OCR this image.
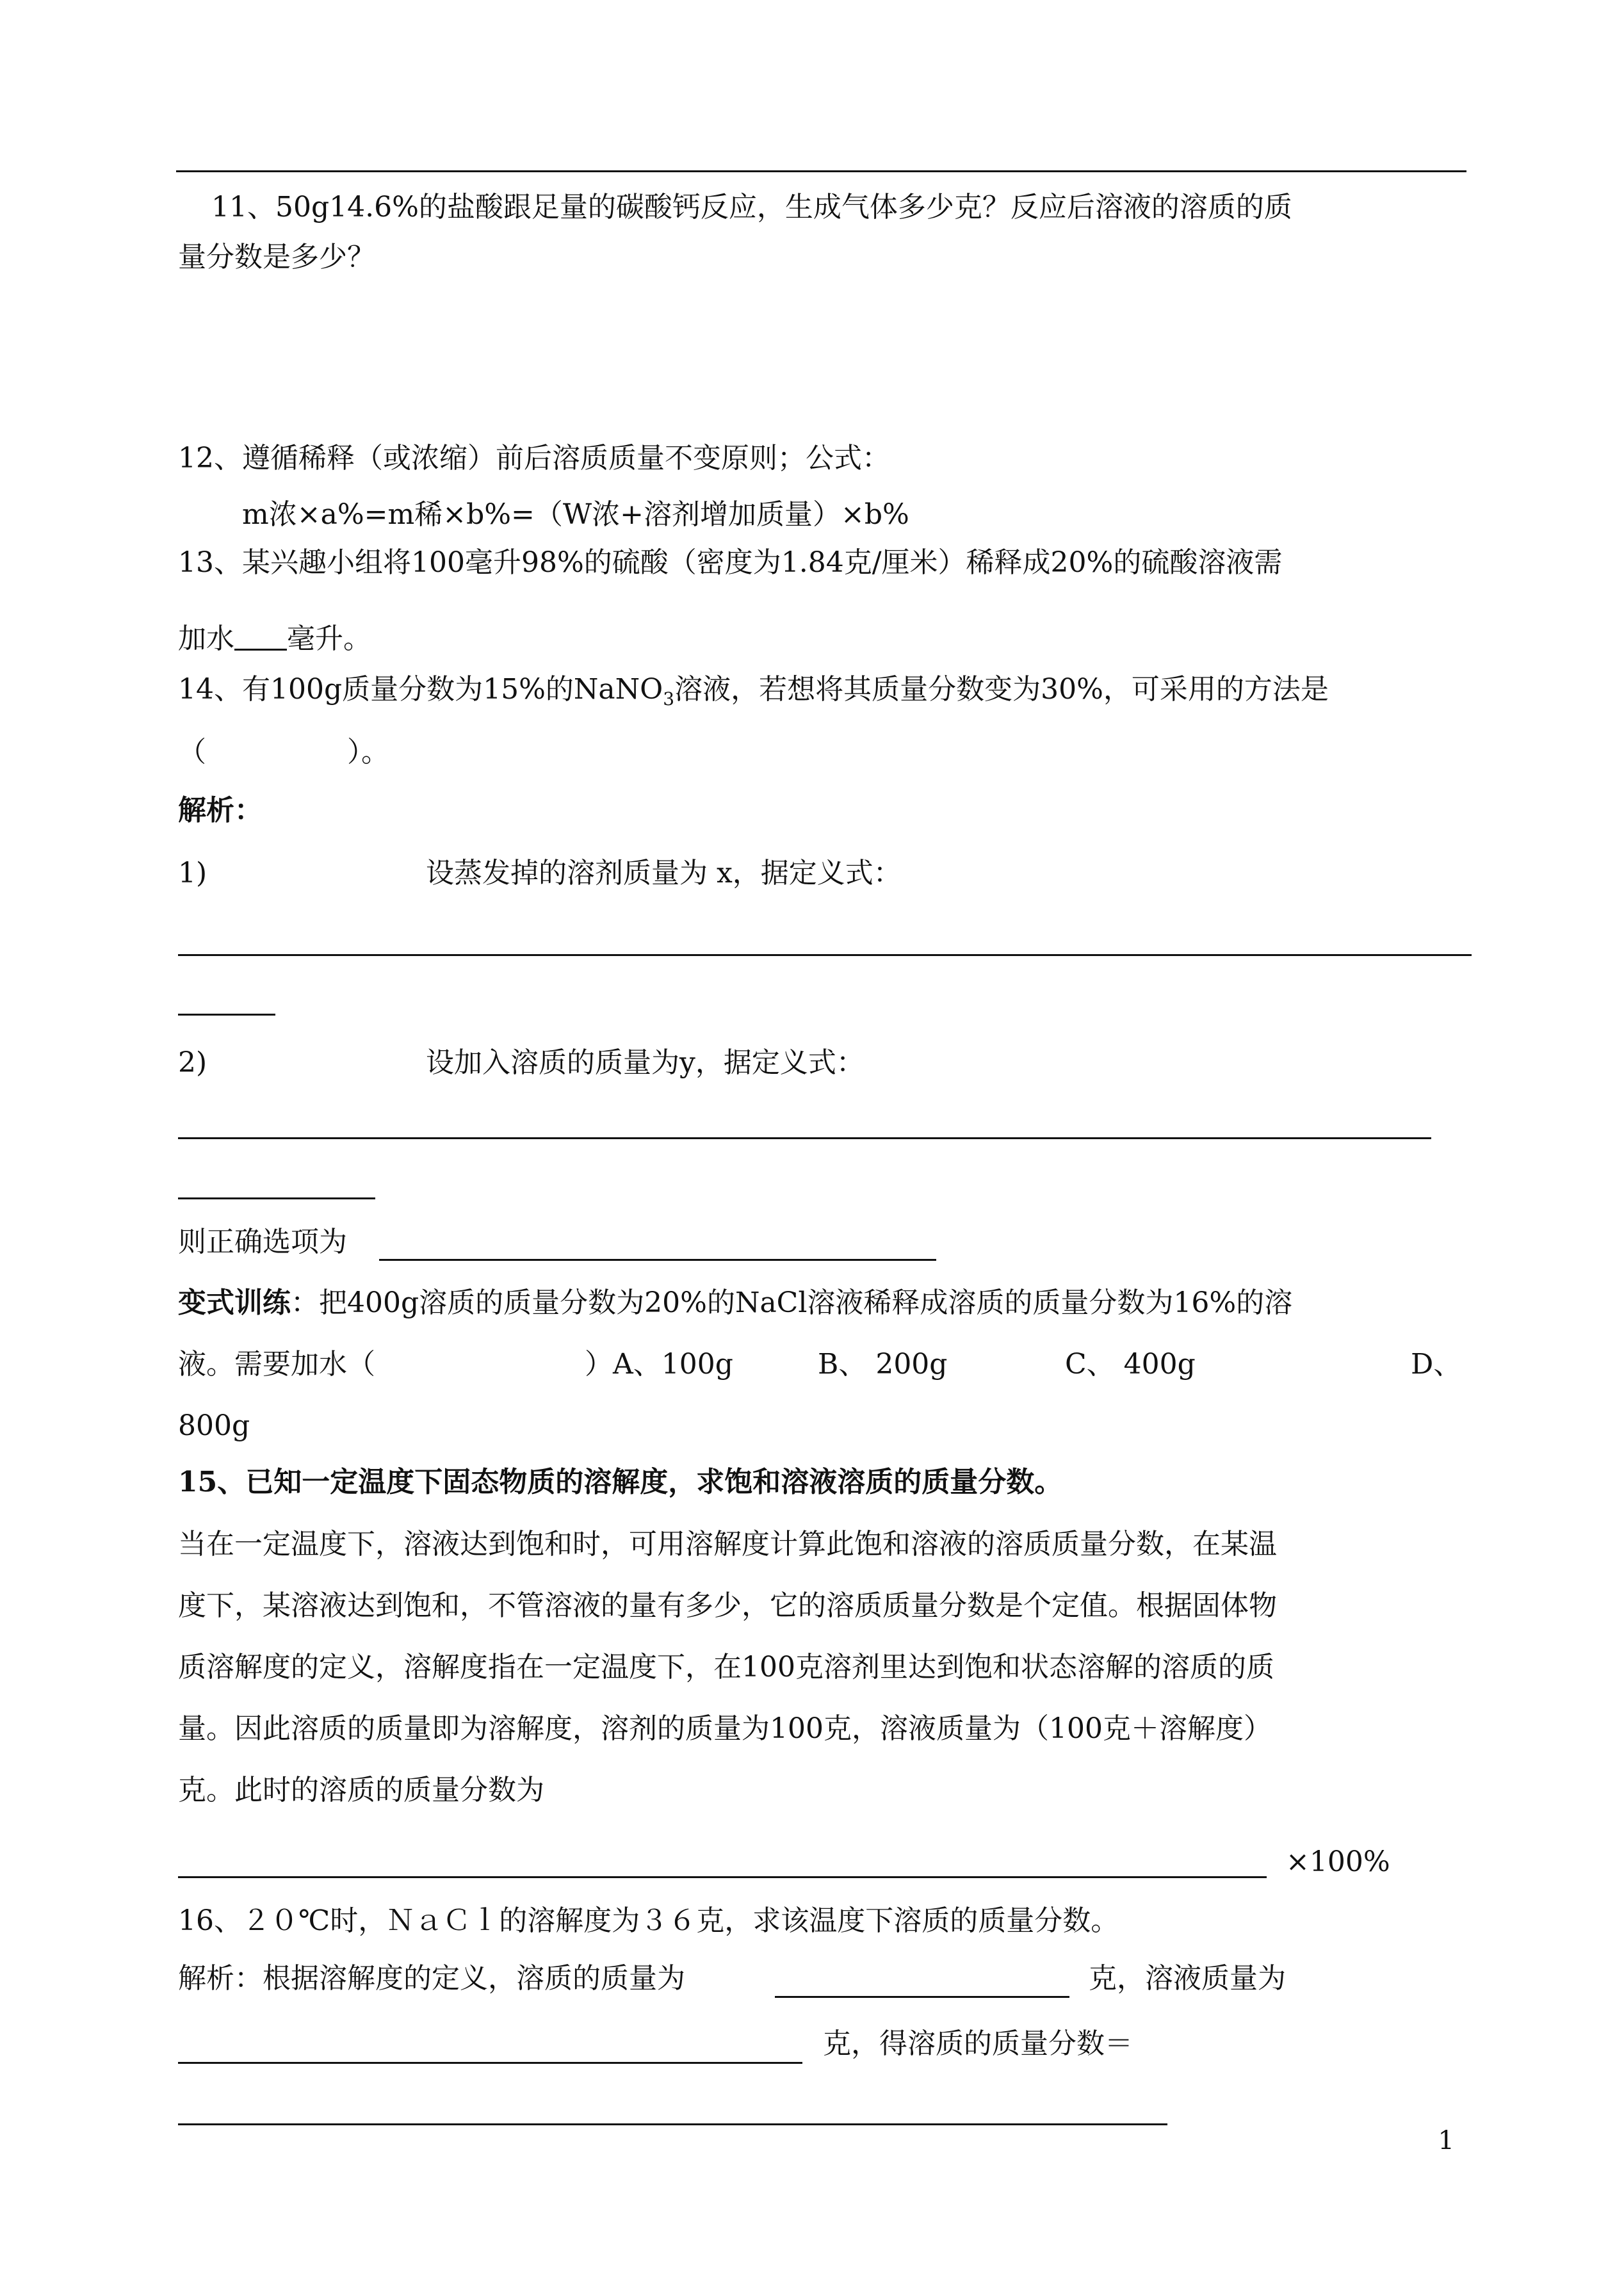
11、50g14.6%的盐酸跟足量的碳酸钙反应，生成气体多少克？反应后溶液的溶质的质
量分数是多少？
12、遵循稀释（或浓缩）前后溶质质量不变原则；公式：
m浓×a%=m稀×b%=（W浓+溶剂增加质量）×b%
13、某兴趣小组将100毫升98%的硫酸（密度为1.84克/厘米）稀释成20%的硫酸溶液需
加水 毫升。
14、有100g质量分数为15%的NaNO$_3$溶液，若想将其质量分数变为30%，可采用的方法是
（　　　　　）。
解析：
1)	设蒸发掉的溶剂质量为 x，据定义式：
2)	设加入溶质的质量为y，据定义式：
则正确选项为
变式训练：把400g溶质的质量分数为20%的NaCl溶液稀释成溶质的质量分数为16%的溶
液。需要加水（	）A、100g	B、 200g	C、 400g	D、
800g
15、已知一定温度下固态物质的溶解度，求饱和溶液溶质的质量分数。
当在一定温度下，溶液达到饱和时，可用溶解度计算此饱和溶液的溶质质量分数，在某温
度下，某溶液达到饱和，不管溶液的量有多少，它的溶质质量分数是个定值。根据固体物
质溶解度的定义，溶解度指在一定温度下，在100克溶剂里达到饱和状态溶解的溶质的质
量。因此溶质的质量即为溶解度，溶剂的质量为100克，溶液质量为（100克＋溶解度）
克。此时的溶质的质量分数为
×100%
16、２０℃时，ＮａＣｌ的溶解度为３６克，求该温度下溶质的质量分数。
解析：根据溶解度的定义，溶质的质量为	克，溶液质量为
克，得溶质的质量分数＝
1
